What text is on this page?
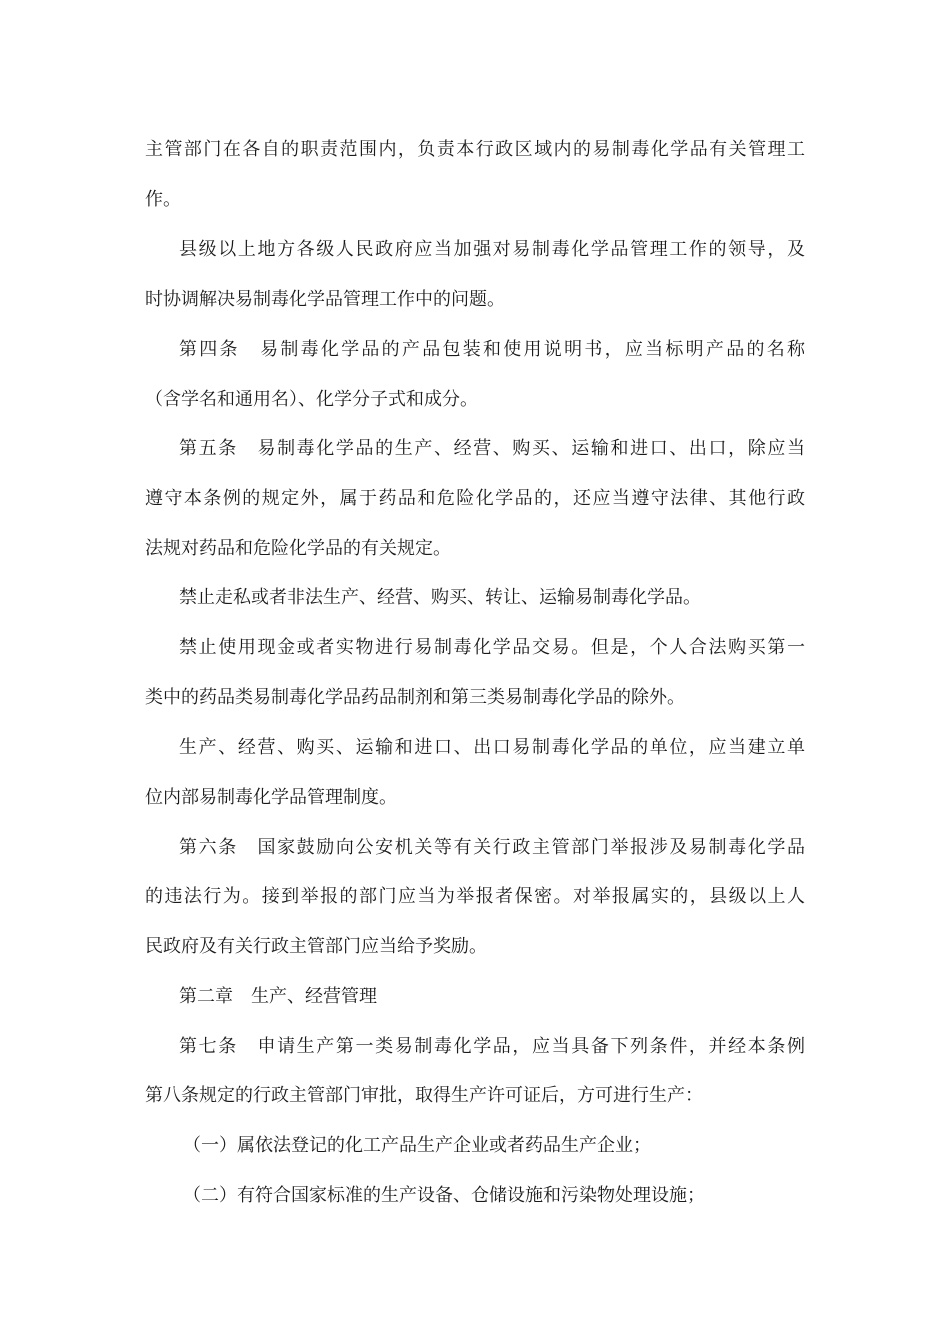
主管部门在各自的职责范围内，负责本行政区域内的易制毒化学品有关管理工
作。
县级以上地方各级人民政府应当加强对易制毒化学品管理工作的领导，及
时协调解决易制毒化学品管理工作中的问题。
第四条　易制毒化学品的产品包装和使用说明书，应当标明产品的名称
（含学名和通用名）、化学分子式和成分。
第五条　易制毒化学品的生产、经营、购买、运输和进口、出口，除应当
遵守本条例的规定外，属于药品和危险化学品的，还应当遵守法律、其他行政
法规对药品和危险化学品的有关规定。
禁止走私或者非法生产、经营、购买、转让、运输易制毒化学品。
禁止使用现金或者实物进行易制毒化学品交易。但是，个人合法购买第一
类中的药品类易制毒化学品药品制剂和第三类易制毒化学品的除外。
生产、经营、购买、运输和进口、出口易制毒化学品的单位，应当建立单
位内部易制毒化学品管理制度。
第六条　国家鼓励向公安机关等有关行政主管部门举报涉及易制毒化学品
的违法行为。接到举报的部门应当为举报者保密。对举报属实的，县级以上人
民政府及有关行政主管部门应当给予奖励。
第二章　生产、经营管理
第七条　申请生产第一类易制毒化学品，应当具备下列条件，并经本条例
第八条规定的行政主管部门审批，取得生产许可证后，方可进行生产：
（一）属依法登记的化工产品生产企业或者药品生产企业；
（二）有符合国家标准的生产设备、仓储设施和污染物处理设施；
